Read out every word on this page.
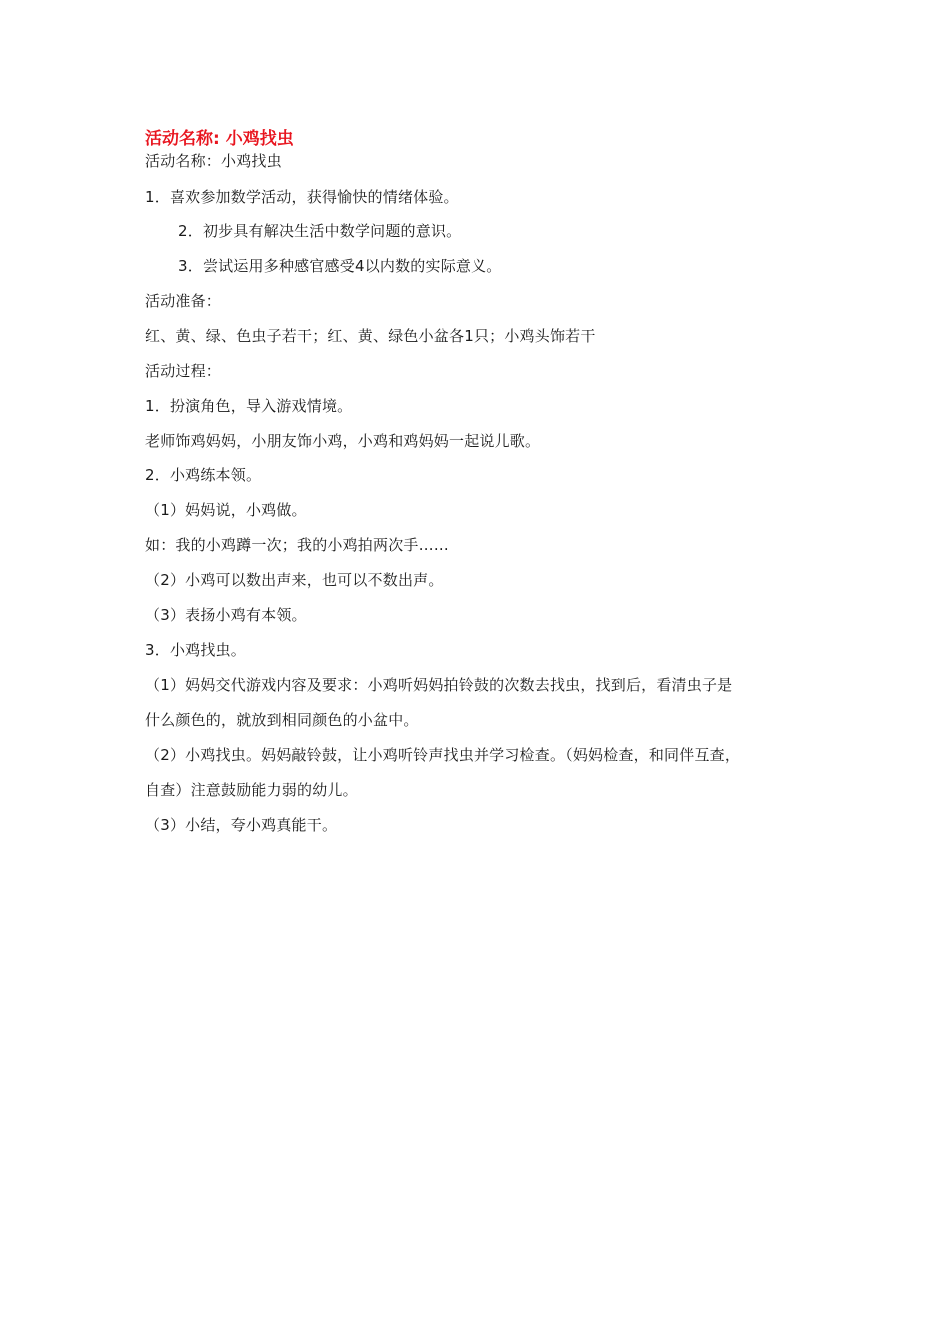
活动名称: 小鸡找虫
活动名称：小鸡找虫
1．喜欢参加数学活动，获得愉快的情绪体验。
2．初步具有解决生活中数学问题的意识。
3．尝试运用多种感官感受4以内数的实际意义。
活动准备：
红、黄、绿、色虫子若干；红、黄、绿色小盆各1只；小鸡头饰若干
活动过程：
1．扮演角色，导入游戏情境。
老师饰鸡妈妈，小朋友饰小鸡，小鸡和鸡妈妈一起说儿歌。
2．小鸡练本领。
（1）妈妈说，小鸡做。
如：我的小鸡蹲一次；我的小鸡拍两次手……
（2）小鸡可以数出声来，也可以不数出声。
（3）表扬小鸡有本领。
3．小鸡找虫。
（1）妈妈交代游戏内容及要求：小鸡听妈妈拍铃鼓的次数去找虫，找到后，看清虫子是
什么颜色的，就放到相同颜色的小盆中。
（2）小鸡找虫。妈妈敲铃鼓，让小鸡听铃声找虫并学习检查。（妈妈检查，和同伴互查，
自查）注意鼓励能力弱的幼儿。
（3）小结，夸小鸡真能干。
